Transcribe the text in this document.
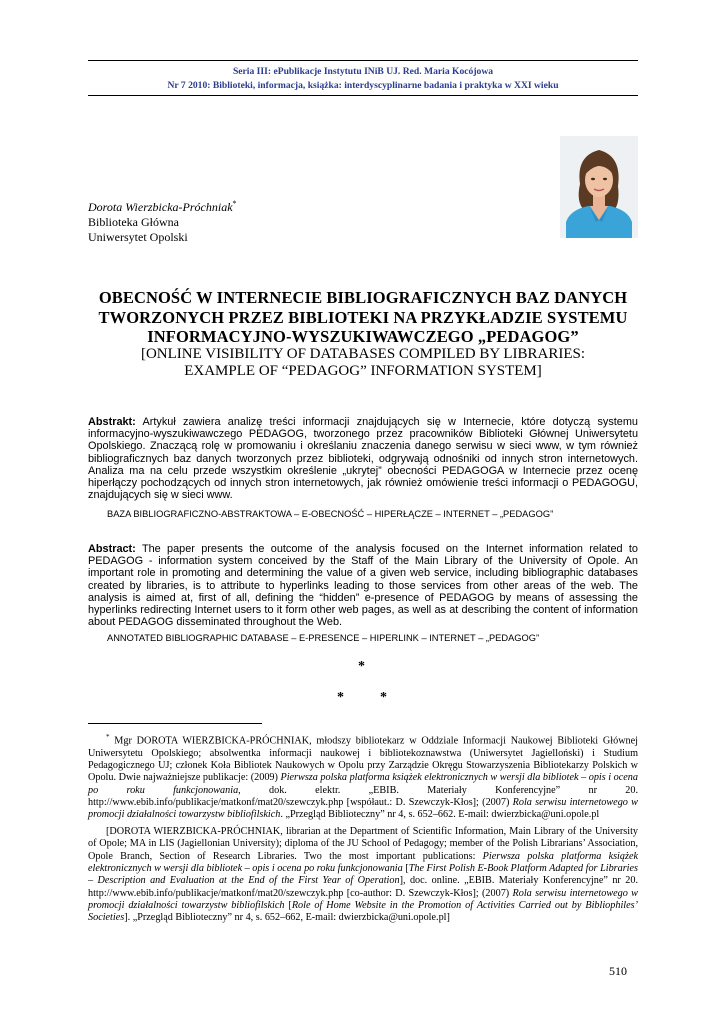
Seria III: ePublikacje Instytutu INiB UJ. Red. Maria Kocójowa
Nr 7 2010: Biblioteki, informacja, książka: interdyscyplinarne badania i praktyka w XXI wieku
Dorota Wierzbicka-Próchniak*
Biblioteka Główna
Uniwersytet Opolski
OBECNOŚĆ W INTERNECIE BIBLIOGRAFICZNYCH BAZ DANYCH
TWORZONYCH PRZEZ BIBLIOTEKI NA PRZYKŁADZIE SYSTEMU
INFORMACYJNO-WYSZUKIWAWCZEGO „PEDAGOG”
[ONLINE VISIBILITY OF DATABASES COMPILED BY LIBRARIES:
EXAMPLE OF “PEDAGOG” INFORMATION SYSTEM]
Abstrakt: Artykuł zawiera analizę treści informacji znajdujących się w Internecie, które dotyczą systemu informacyjno-wyszukiwawczego PEDAGOG, tworzonego przez pracowników Biblioteki Głównej Uniwersytetu Opolskiego. Znaczącą rolę w promowaniu i określaniu znaczenia danego serwisu w sieci www, w tym również bibliograficznych baz danych tworzonych przez biblioteki, odgrywają odnośniki od innych stron internetowych. Analiza ma na celu przede wszystkim określenie „ukrytej” obecności PEDAGOGA w Internecie przez ocenę hiperłączy pochodzących od innych stron internetowych, jak również omówienie treści informacji o PEDAGOGU, znajdujących się w sieci www.
BAZA BIBLIOGRAFICZNO-ABSTRAKTOWA – E-OBECNOŚĆ – HIPERŁĄCZE – INTERNET – „PEDAGOG”
Abstract: The paper presents the outcome of the analysis focused on the Internet information related to PEDAGOG - information system conceived by the Staff of the Main Library of the University of Opole. An important role in promoting and determining the value of a given web service, including bibliographic databases created by libraries, is to attribute to hyperlinks leading to those services from other areas of the web. The analysis is aimed at, first of all, defining the “hidden” e-presence of PEDAGOG by means of assessing the hyperlinks redirecting Internet users to it form other web pages, as well as at describing the content of information about PEDAGOG disseminated throughout the Web.
ANNOTATED BIBLIOGRAPHIC DATABASE – E-PRESENCE – HIPERLINK – INTERNET – „PEDAGOG”
*
*	*
* Mgr DOROTA WIERZBICKA-PRÓCHNIAK, młodszy bibliotekarz w Oddziale Informacji Naukowej Biblioteki Głównej Uniwersytetu Opolskiego; absolwentka informacji naukowej i bibliotekoznawstwa (Uniwersytet Jagielloński) i Studium Pedagogicznego UJ; członek Koła Bibliotek Naukowych w Opolu przy Zarządzie Okręgu Stowarzyszenia Bibliotekarzy Polskich w Opolu. Dwie najważniejsze publikacje: (2009) Pierwsza polska platforma książek elektronicznych w wersji dla bibliotek – opis i ocena po roku funkcjonowania, dok. elektr. „EBIB. Materiały Konferencyjne” nr 20. http://www.ebib.info/publikacje/matkonf/mat20/szewczyk.php [współaut.: D. Szewczyk-Kłos]; (2007) Rola serwisu internetowego w promocji działalności towarzystw bibliofilskich. „Przegląd Biblioteczny” nr 4, s. 652–662. E-mail: dwierzbicka@uni.opole.pl
[DOROTA WIERZBICKA-PRÓCHNIAK, librarian at the Department of Scientific Information, Main Library of the University of Opole; MA in LIS (Jagiellonian University); diploma of the JU School of Pedagogy; member of the Polish Librarians’ Association, Opole Branch, Section of Research Libraries. Two the most important publications: Pierwsza polska platforma książek elektronicznych w wersji dla bibliotek – opis i ocena po roku funkcjonowania [The First Polish E-Book Platform Adapted for Libraries – Description and Evaluation at the End of the First Year of Operation], doc. online. „EBIB. Materiały Konferencyjne” nr 20. http://www.ebib.info/publikacje/matkonf/mat20/szewczyk.php [co-author: D. Szewczyk-Kłos]; (2007) Rola serwisu internetowego w promocji działalności towarzystw bibliofilskich [Role of Home Website in the Promotion of Activities Carried out by Bibliophiles’ Societies]. „Przegląd Biblioteczny” nr 4, s. 652–662, E-mail: dwierzbicka@uni.opole.pl]
510
